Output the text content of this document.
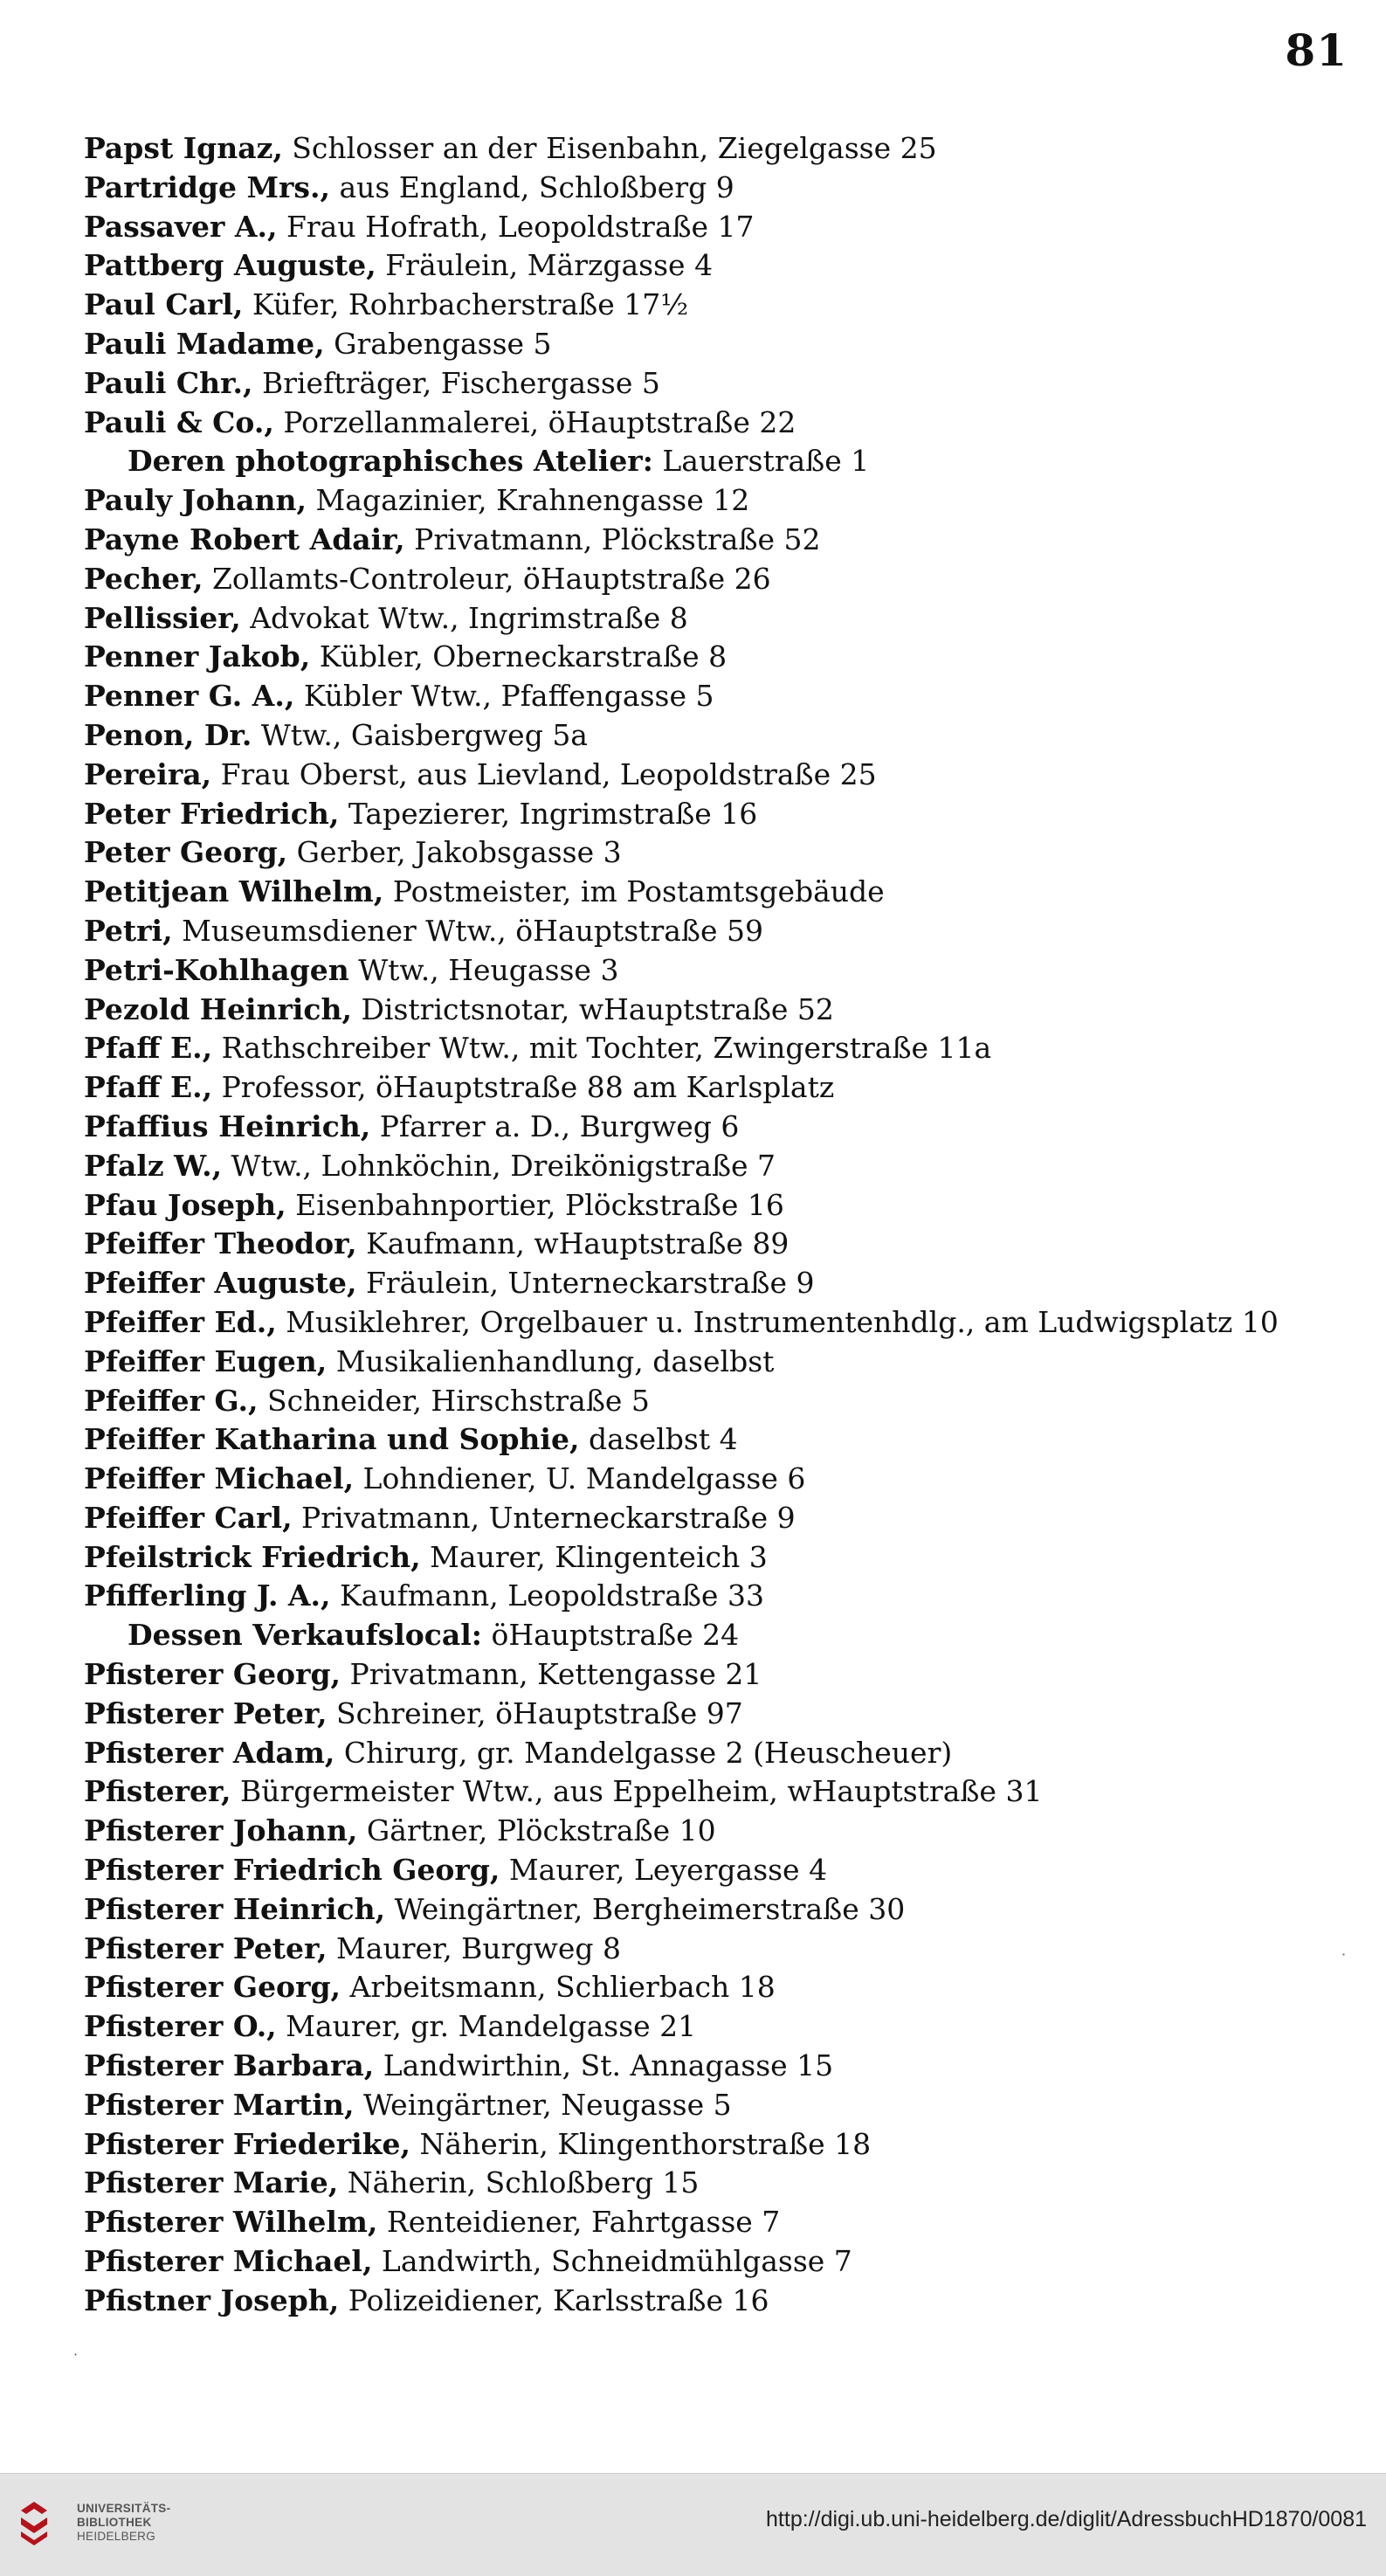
81
Papst Ignaz, Schlosser an der Eisenbahn, Ziegelgasse 25
Partridge Mrs., aus England, Schloßberg 9
Passaver A., Frau Hofrath, Leopoldstraße 17
Pattberg Auguste, Fräulein, Märzgasse 4
Paul Carl, Küfer, Rohrbacherstraße 17½
Pauli Madame, Grabengasse 5
Pauli Chr., Briefträger, Fischergasse 5
Pauli & Co., Porzellanmalerei, öHauptstraße 22
Deren photographisches Atelier: Lauerstraße 1
Pauly Johann, Magazinier, Krahnengasse 12
Payne Robert Adair, Privatmann, Plöckstraße 52
Pecher, Zollamts-Controleur, öHauptstraße 26
Pellissier, Advokat Wtw., Ingrimstraße 8
Penner Jakob, Kübler, Oberneckarstraße 8
Penner G. A., Kübler Wtw., Pfaffengasse 5
Penon, Dr. Wtw., Gaisbergweg 5a
Pereira, Frau Oberst, aus Lievland, Leopoldstraße 25
Peter Friedrich, Tapezierer, Ingrimstraße 16
Peter Georg, Gerber, Jakobsgasse 3
Petitjean Wilhelm, Postmeister, im Postamtsgebäude
Petri, Museumsdiener Wtw., öHauptstraße 59
Petri-Kohlhagen Wtw., Heugasse 3
Pezold Heinrich, Districtsnotar, wHauptstraße 52
Pfaff E., Rathschreiber Wtw., mit Tochter, Zwingerstraße 11a
Pfaff E., Professor, öHauptstraße 88 am Karlsplatz
Pfaffius Heinrich, Pfarrer a. D., Burgweg 6
Pfalz W., Wtw., Lohnköchin, Dreikönigstraße 7
Pfau Joseph, Eisenbahnportier, Plöckstraße 16
Pfeiffer Theodor, Kaufmann, wHauptstraße 89
Pfeiffer Auguste, Fräulein, Unterneckarstraße 9
Pfeiffer Ed., Musiklehrer, Orgelbauer u. Instrumentenhdlg., am Ludwigsplatz 10
Pfeiffer Eugen, Musikalienhandlung, daselbst
Pfeiffer G., Schneider, Hirschstraße 5
Pfeiffer Katharina und Sophie, daselbst 4
Pfeiffer Michael, Lohndiener, U. Mandelgasse 6
Pfeiffer Carl, Privatmann, Unterneckarstraße 9
Pfeilstrick Friedrich, Maurer, Klingenteich 3
Pfifferling J. A., Kaufmann, Leopoldstraße 33
Dessen Verkaufslocal: öHauptstraße 24
Pfisterer Georg, Privatmann, Kettengasse 21
Pfisterer Peter, Schreiner, öHauptstraße 97
Pfisterer Adam, Chirurg, gr. Mandelgasse 2 (Heuscheuer)
Pfisterer, Bürgermeister Wtw., aus Eppelheim, wHauptstraße 31
Pfisterer Johann, Gärtner, Plöckstraße 10
Pfisterer Friedrich Georg, Maurer, Leyergasse 4
Pfisterer Heinrich, Weingärtner, Bergheimerstraße 30
Pfisterer Peter, Maurer, Burgweg 8
Pfisterer Georg, Arbeitsmann, Schlierbach 18
Pfisterer O., Maurer, gr. Mandelgasse 21
Pfisterer Barbara, Landwirthin, St. Annagasse 15
Pfisterer Martin, Weingärtner, Neugasse 5
Pfisterer Friederike, Näherin, Klingenthorstraße 18
Pfisterer Marie, Näherin, Schloßberg 15
Pfisterer Wilhelm, Renteidiener, Fahrtgasse 7
Pfisterer Michael, Landwirth, Schneidmühlgasse 7
Pfistner Joseph, Polizeidiener, Karlsstraße 16
·
·
UNIVERSITÄTS-
BIBLIOTHEK
HEIDELBERG
http://digi.ub.uni-heidelberg.de/diglit/AdressbuchHD1870/0081
